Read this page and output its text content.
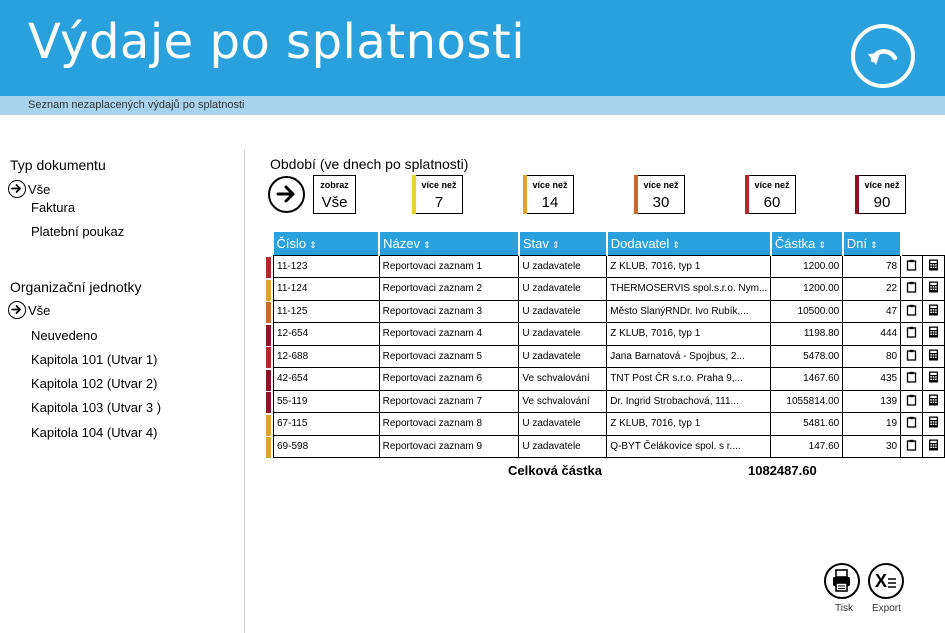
Výdaje po splatnosti
Seznam nezaplacených výdajů po splatnosti
Typ dokumentu
Vše
Faktura
Platební poukaz
Organizační jednotky
Vše
Neuvedeno
Kapitola 101 (Utvar 1)
Kapitola 102 (Utvar 2)
Kapitola 103 (Utvar 3 )
Kapitola 104 (Utvar 4)
Období (ve dnech po splatnosti)
zobraz
Vše
více než
7
více než
14
více než
30
více než
60
více než
90
Číslo ⇕	Název ⇕	Stav ⇕	Dodavatel ⇕	Částka ⇕	Dní ⇕		
11-123	Reportovaci zaznam 1	U zadavatele	Z KLUB, 7016, typ 1	1200.00	78		
11-124	Reportovaci zaznam 2	U zadavatele	THERMOSERVIS spol.s.r.o. Nym...	1200.00	22		
11-125	Reportovaci zaznam 3	U zadavatele	Město SlanýRNDr. Ivo Rubík,...	10500.00	47		
12-654	Reportovaci zaznam 4	U zadavatele	Z KLUB, 7016, typ 1	1198.80	444		
12-688	Reportovaci zaznam 5	U zadavatele	Jana Barnatová - Spojbus, 2...	5478.00	80		
42-654	Reportovaci zaznam 6	Ve schvalování	TNT Post ČR s.r.o. Praha 9,...	1467.60	435		
55-119	Reportovaci zaznam 7	Ve schvalování	Dr. Ingrid Strobachová, 111...	1055814.00	139		
67-115	Reportovaci zaznam 8	U zadavatele	Z KLUB, 7016, typ 1	5481.60	19		
69-598	Reportovaci zaznam 9	U zadavatele	Q-BYT Čelákovice spol. s r....	147.60	30		
Celková částka	1082487.60
Tisk
X
Export
